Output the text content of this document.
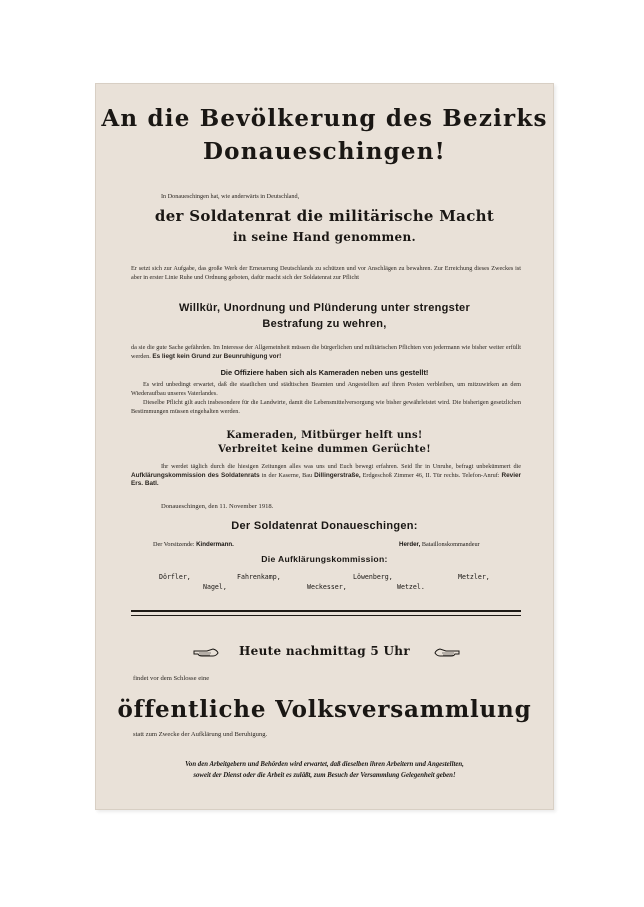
An die Bevölkerung des Bezirks
Donaueschingen!
In Donaueschingen hat, wie anderwärts in Deutschland,
der Soldatenrat die militärische Macht
in seine Hand genommen.
Er setzt sich zur Aufgabe, das große Werk der Erneuerung Deutschlands zu schützen und vor Anschlägen zu bewahren. Zur Erreichung dieses Zweckes ist aber in erster Linie Ruhe und Ordnung geboten, dafür macht sich der Soldatenrat zur Pflicht
Willkür, Unordnung und Plünderung unter strengster
Bestrafung zu wehren,
da sie die gute Sache gefährden. Im Interesse der Allgemeinheit müssen die bürgerlichen und militärischen Pflichten von jedermann wie bisher weiter erfüllt werden. Es liegt kein Grund zur Beunruhigung vor!
Die Offiziere haben sich als Kameraden neben uns gestellt!
Es wird unbedingt erwartet, daß die staatlichen und städtischen Beamten und Angestellten auf ihren Posten verbleiben, um mitzuwirken an dem Wiederaufbau unseres Vaterlandes.
Dieselbe Pflicht gilt auch insbesondere für die Landwirte, damit die Lebensmittelversorgung wie bisher gewährleistet wird. Die bisherigen gesetzlichen Bestimmungen müssen eingehalten werden.
Kameraden, Mitbürger helft uns!
Verbreitet keine dummen Gerüchte!
Ihr werdet täglich durch die hiesigen Zeitungen alles was uns und Euch bewegt erfahren. Seid Ihr in Unruhe, befragt unbekümmert die Aufklärungskommission des Soldatenrats in der Kaserne, Bau Dillingerstraße, Erdgeschoß Zimmer 46, II. Tür rechts. Telefon-Anruf: Revier Ers. Batl.
Donaueschingen, den 11. November 1918.
Der Soldatenrat Donaueschingen:
Der Vorsitzende: Kindermann.	Herder, Bataillonskommandeur
Die Aufklärungskommission:
Dörfler,	Fahrenkamp,	Löwenberg,	Metzler,
Nagel,	Weckesser,	Wetzel.
Heute nachmittag 5 Uhr
findet vor dem Schlosse eine
öffentliche Volksversammlung
statt zum Zwecke der Aufklärung und Beruhigung.
Von den Arbeitgebern und Behörden wird erwartet, daß dieselben ihren Arbeitern und Angestellten,
soweit der Dienst oder die Arbeit es zuläßt, zum Besuch der Versammlung Gelegenheit geben!
